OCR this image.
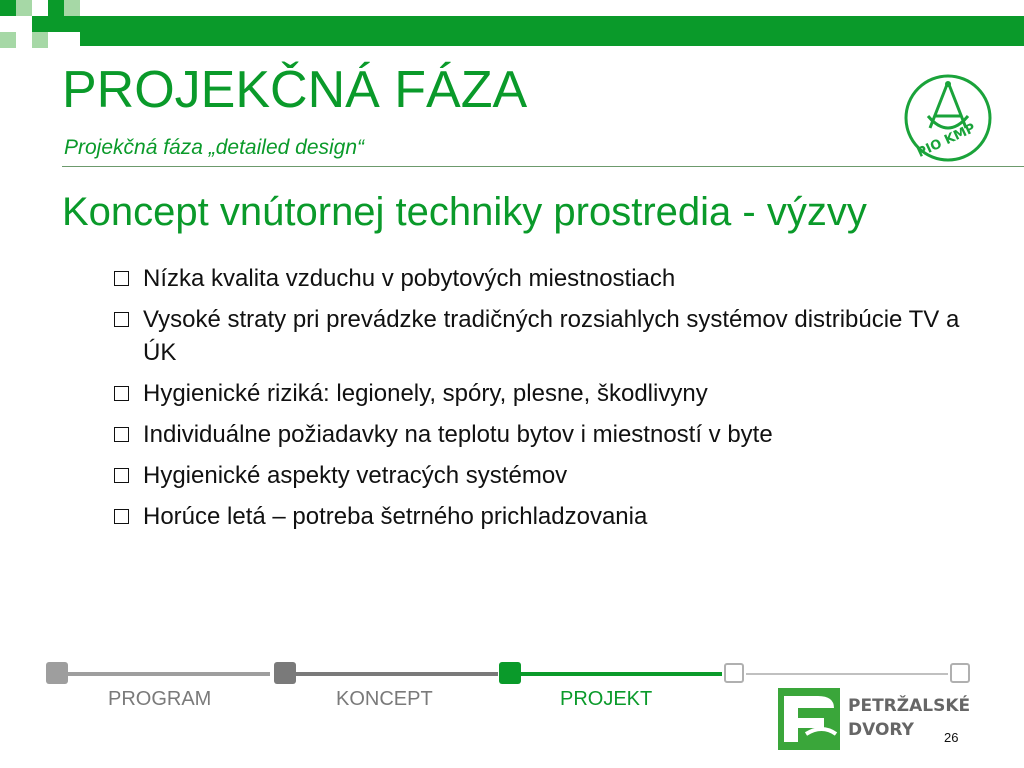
PROJEKČNÁ FÁZA
Projekčná fáza „detailed design“	PIO KMP
Koncept vnútornej techniky prostredia - výzvy
Nízka kvalita vzduchu v pobytových miestnostiach
Vysoké straty pri prevádzke tradičných rozsiahlych systémov distribúcie TV a ÚK
Hygienické riziká: legionely, spóry, plesne, škodlivyny
Individuálne požiadavky na teplotu bytov i miestností v byte
Hygienické aspekty vetracých systémov
Horúce letá – potreba šetrného prichladzovania
PROGRAM	KONCEPT	PROJEKT	PETRŽALSKÉ
DVORY 26
